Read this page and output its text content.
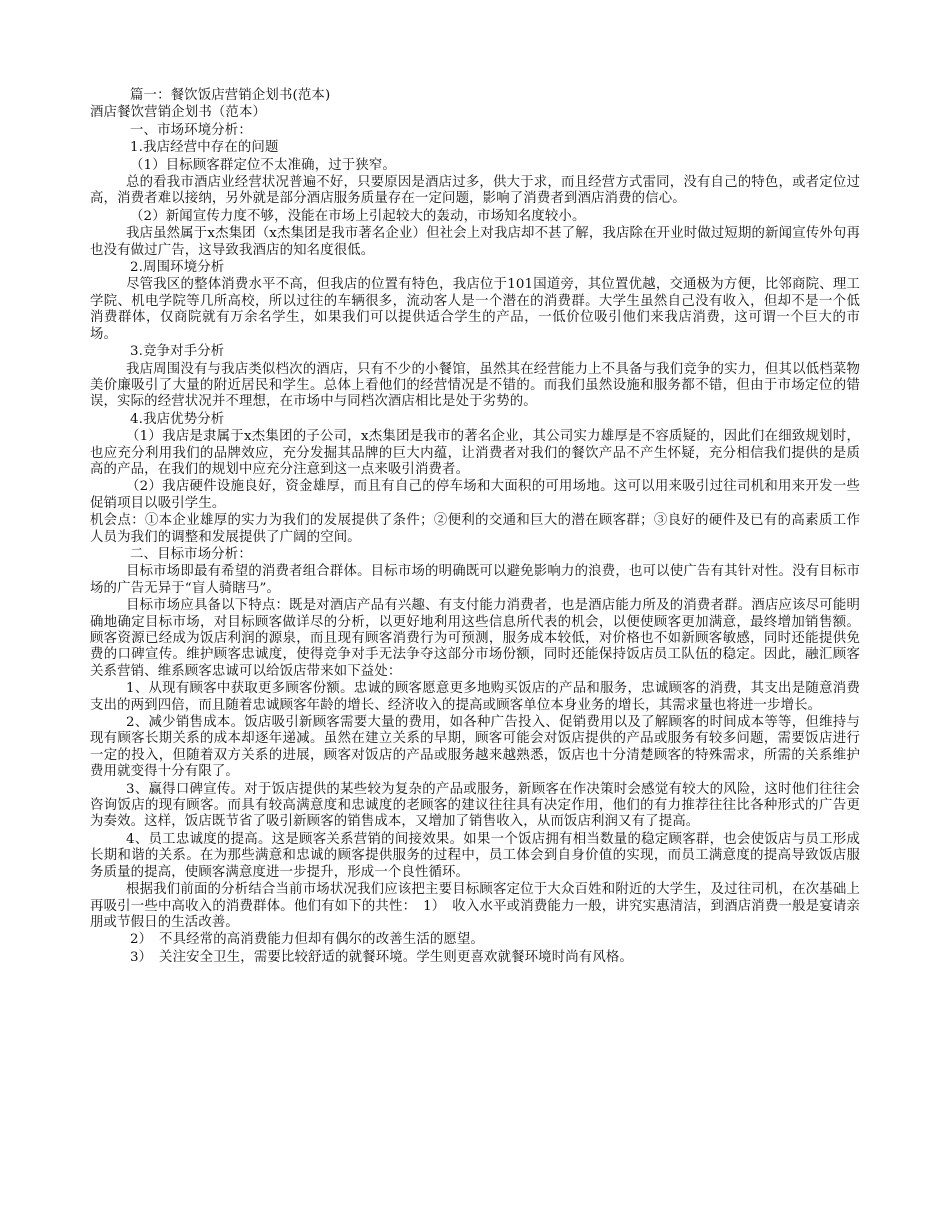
篇一：餐饮饭店营销企划书(范本)
酒店餐饮营销企划书（范本）
一、市场环境分析：
1.我店经营中存在的问题
（1）目标顾客群定位不太准确，过于狭窄。
总的看我市酒店业经营状况普遍不好，只要原因是酒店过多，供大于求，而且经营方式雷同，没有自己的特色，或者定位过高，消费者难以接纳，另外就是部分酒店服务质量存在一定问题，影响了消费者到酒店消费的信心。
（2）新闻宣传力度不够，没能在市场上引起较大的轰动，市场知名度较小。
我店虽然属于x杰集团（x杰集团是我市著名企业）但社会上对我店却不甚了解，我店除在开业时做过短期的新闻宣传外句再也没有做过广告，这导致我酒店的知名度很低。
2.周围环境分析
尽管我区的整体消费水平不高，但我店的位置有特色，我店位于101国道旁，其位置优越，交通极为方便，比邻商院、理工学院、机电学院等几所高校，所以过往的车辆很多，流动客人是一个潜在的消费群。大学生虽然自己没有收入，但却不是一个低消费群体，仅商院就有万余名学生，如果我们可以提供适合学生的产品，一低价位吸引他们来我店消费，这可谓一个巨大的市场。
3.竞争对手分析
我店周围没有与我店类似档次的酒店，只有不少的小餐馆，虽然其在经营能力上不具备与我们竞争的实力，但其以低档菜物美价廉吸引了大量的附近居民和学生。总体上看他们的经营情况是不错的。而我们虽然设施和服务都不错，但由于市场定位的错误，实际的经营状况并不理想，在市场中与同档次酒店相比是处于劣势的。
4.我店优势分析
（1）我店是隶属于x杰集团的子公司，x杰集团是我市的著名企业，其公司实力雄厚是不容质疑的，因此们在细致规划时，也应充分利用我们的品牌效应，充分发掘其品牌的巨大内蕴，让消费者对我们的餐饮产品不产生怀疑，充分相信我们提供的是质高的产品，在我们的规划中应充分注意到这一点来吸引消费者。
（2）我店硬件设施良好，资金雄厚，而且有自己的停车场和大面积的可用场地。这可以用来吸引过往司机和用来开发一些促销项目以吸引学生。
机会点：①本企业雄厚的实力为我们的发展提供了条件；②便利的交通和巨大的潜在顾客群；③良好的硬件及已有的高素质工作人员为我们的调整和发展提供了广阔的空间。
二、目标市场分析：
目标市场即最有希望的消费者组合群体。目标市场的明确既可以避免影响力的浪费，也可以使广告有其针对性。没有目标市场的广告无异于“盲人骑瞎马”。
目标市场应具备以下特点：既是对酒店产品有兴趣、有支付能力消费者，也是酒店能力所及的消费者群。酒店应该尽可能明确地确定目标市场，对目标顾客做详尽的分析，以更好地利用这些信息所代表的机会，以便使顾客更加满意，最终增加销售额。顾客资源已经成为饭店利润的源泉，而且现有顾客消费行为可预测，服务成本较低，对价格也不如新顾客敏感，同时还能提供免费的口碑宣传。维护顾客忠诚度，使得竞争对手无法争夺这部分市场份额，同时还能保持饭店员工队伍的稳定。因此，融汇顾客关系营销、维系顾客忠诚可以给饭店带来如下益处：
1、从现有顾客中获取更多顾客份额。忠诚的顾客愿意更多地购买饭店的产品和服务，忠诚顾客的消费，其支出是随意消费支出的两到四倍，而且随着忠诚顾客年龄的增长、经济收入的提高或顾客单位本身业务的增长，其需求量也将进一步增长。
2、减少销售成本。饭店吸引新顾客需要大量的费用，如各种广告投入、促销费用以及了解顾客的时间成本等等，但维持与现有顾客长期关系的成本却逐年递减。虽然在建立关系的早期，顾客可能会对饭店提供的产品或服务有较多问题，需要饭店进行一定的投入，但随着双方关系的进展，顾客对饭店的产品或服务越来越熟悉，饭店也十分清楚顾客的特殊需求，所需的关系维护费用就变得十分有限了。
3、赢得口碑宣传。对于饭店提供的某些较为复杂的产品或服务，新顾客在作决策时会感觉有较大的风险，这时他们往往会咨询饭店的现有顾客。而具有较高满意度和忠诚度的老顾客的建议往往具有决定作用，他们的有力推荐往往比各种形式的广告更为奏效。这样，饭店既节省了吸引新顾客的销售成本，又增加了销售收入，从而饭店利润又有了提高。
4、员工忠诚度的提高。这是顾客关系营销的间接效果。如果一个饭店拥有相当数量的稳定顾客群，也会使饭店与员工形成长期和谐的关系。在为那些满意和忠诚的顾客提供服务的过程中，员工体会到自身价值的实现，而员工满意度的提高导致饭店服务质量的提高，使顾客满意度进一步提升，形成一个良性循环。
根据我们前面的分析结合当前市场状况我们应该把主要目标顾客定位于大众百姓和附近的大学生，及过往司机，在次基础上再吸引一些中高收入的消费群体。他们有如下的共性：　1）　收入水平或消费能力一般，讲究实惠清洁，到酒店消费一般是宴请亲朋或节假日的生活改善。
2）　不具经常的高消费能力但却有偶尔的改善生活的愿望。
3）　关注安全卫生，需要比较舒适的就餐环境。学生则更喜欢就餐环境时尚有风格。
